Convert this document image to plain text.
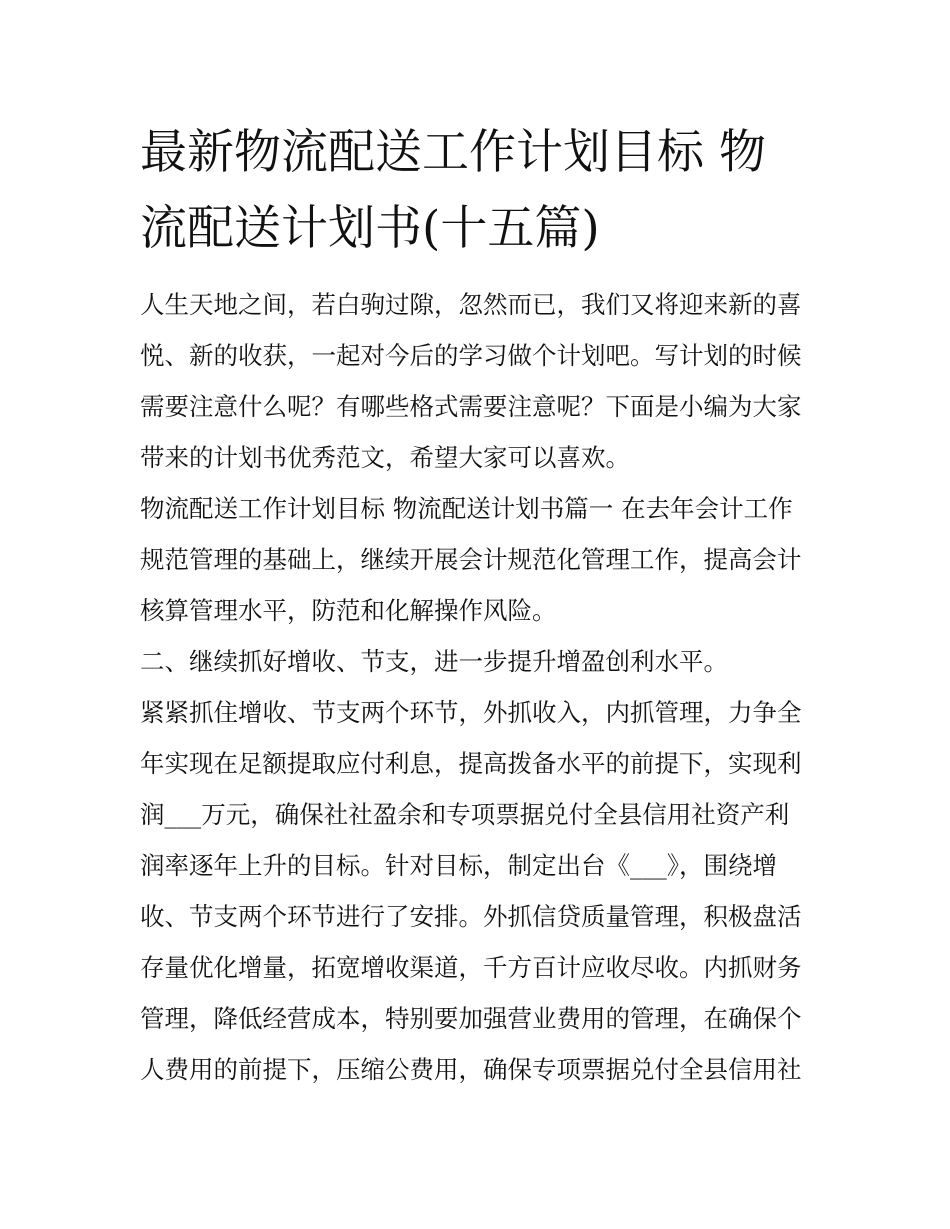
最新物流配送工作计划目标 物
流配送计划书(十五篇)
人生天地之间，若白驹过隙，忽然而已，我们又将迎来新的喜
悦、新的收获，一起对今后的学习做个计划吧。写计划的时候
需要注意什么呢？有哪些格式需要注意呢？下面是小编为大家
带来的计划书优秀范文，希望大家可以喜欢。
物流配送工作计划目标 物流配送计划书篇一 在去年会计工作
规范管理的基础上，继续开展会计规范化管理工作，提高会计
核算管理水平，防范和化解操作风险。
二、继续抓好增收、节支，进一步提升增盈创利水平。
紧紧抓住增收、节支两个环节，外抓收入，内抓管理，力争全
年实现在足额提取应付利息，提高拨备水平的前提下，实现利
润___万元，确保社社盈余和专项票据兑付全县信用社资产利
润率逐年上升的目标。针对目标，制定出台《___》，围绕增
收、节支两个环节进行了安排。外抓信贷质量管理，积极盘活
存量优化增量，拓宽增收渠道，千方百计应收尽收。内抓财务
管理，降低经营成本，特别要加强营业费用的管理，在确保个
人费用的前提下，压缩公费用，确保专项票据兑付全县信用社
